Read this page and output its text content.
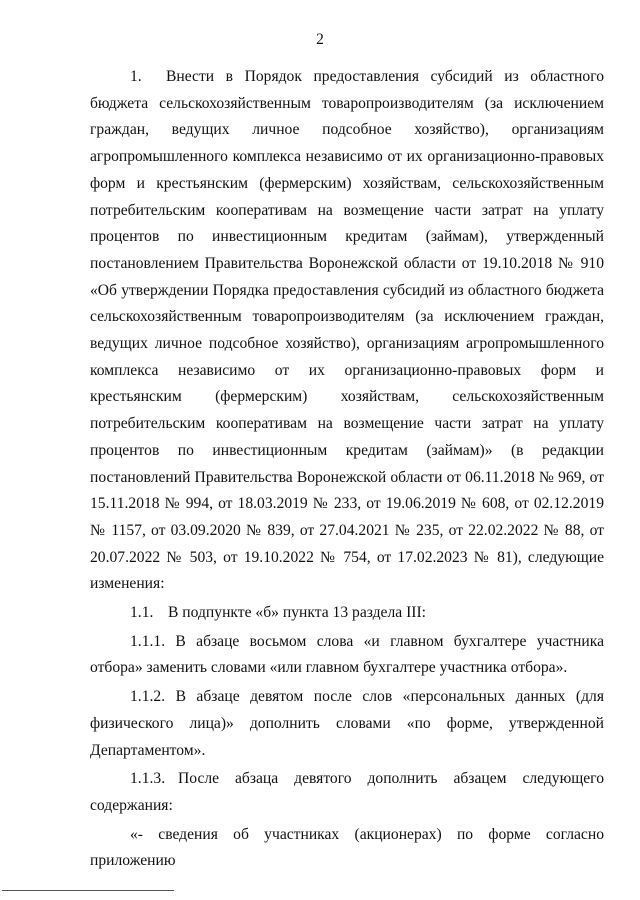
2

1. Внести в Порядок предоставления субсидий из областного бюджета сельскохозяйственным товаропроизводителям (за исключением граждан, ведущих личное подсобное хозяйство), организациям агропромышленного комплекса независимо от их организационно-правовых форм и крестьянским (фермерским) хозяйствам, сельскохозяйственным потребительским кооперативам на возмещение части затрат на уплату процентов по инвестиционным кредитам (займам), утвержденный постановлением Правительства Воронежской области от 19.10.2018 № 910 «Об утверждении Порядка предоставления субсидий из областного бюджета сельскохозяйственным товаропроизводителям (за исключением граждан, ведущих личное подсобное хозяйство), организациям агропромышленного комплекса независимо от их организационно-правовых форм и крестьянским (фермерским) хозяйствам, сельскохозяйственным потребительским кооперативам на возмещение части затрат на уплату процентов по инвестиционным кредитам (займам)» (в редакции постановлений Правительства Воронежской области от 06.11.2018 № 969, от 15.11.2018 № 994, от 18.03.2019 № 233, от 19.06.2019 № 608, от 02.12.2019 № 1157, от 03.09.2020 № 839, от 27.04.2021 № 235, от 22.02.2022 № 88, от 20.07.2022 № 503, от 19.10.2022 № 754, от 17.02.2023 № 81), следующие изменения:

1.1. В подпункте «б» пункта 13 раздела III:

1.1.1. В абзаце восьмом слова «и главном бухгалтере участника отбора» заменить словами «или главном бухгалтере участника отбора».

1.1.2. В абзаце девятом после слов «персональных данных (для физического лица)» дополнить словами «по форме, утвержденной Департаментом».

1.1.3. После абзаца девятого дополнить абзацем следующего содержания:

«- сведения об участниках (акционерах) по форме согласно приложению
